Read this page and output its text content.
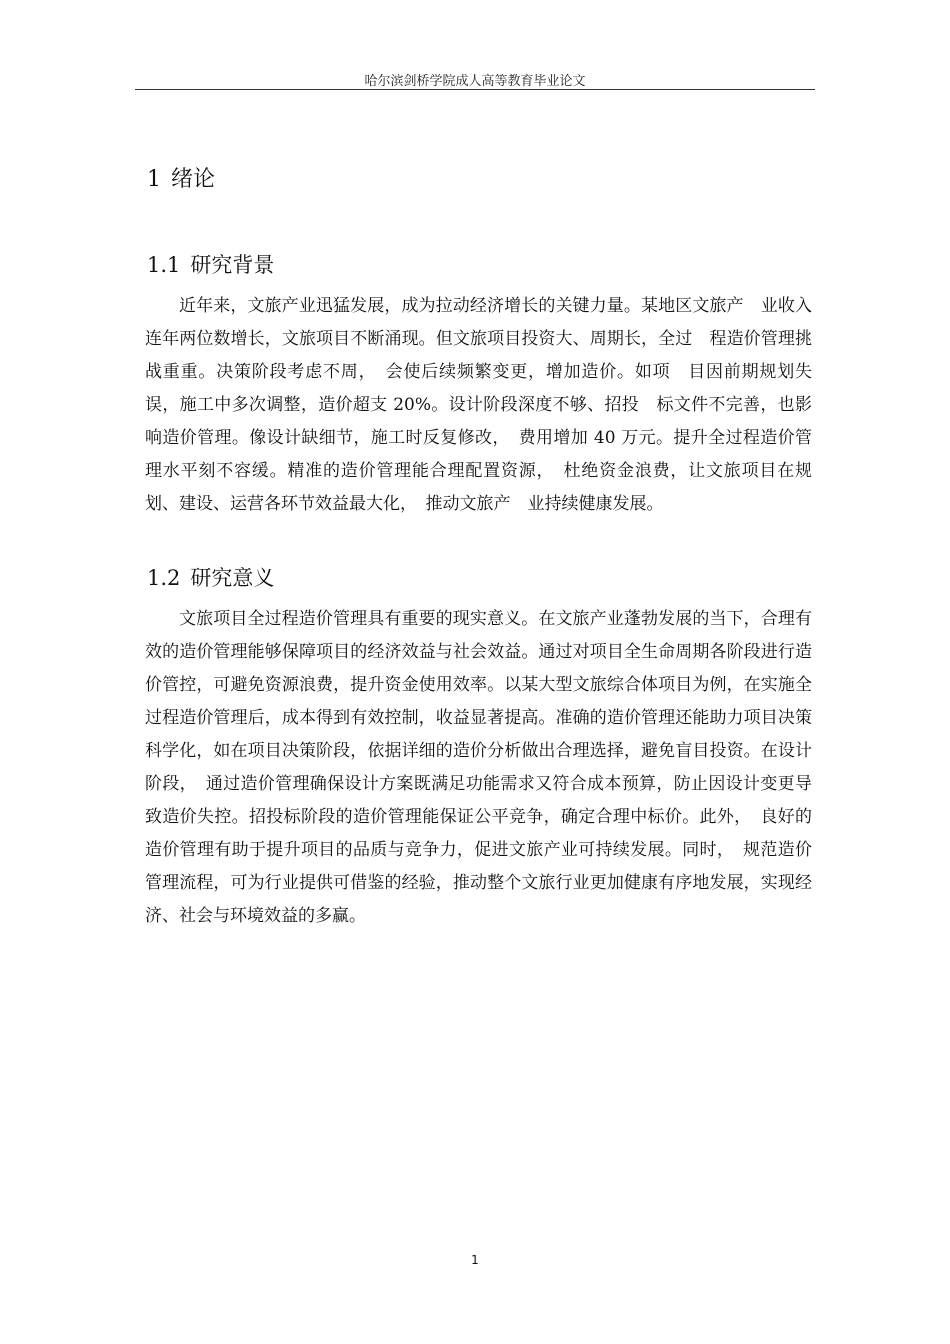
哈尔滨剑桥学院成人高等教育毕业论文
1 绪论
1.1 研究背景

近年来，文旅产业迅猛发展，成为拉动经济增长的关键力量。某地区文旅产　业收入连年两位数增长，文旅项目不断涌现。但文旅项目投资大、周期长，全过　程造价管理挑战重重。决策阶段考虑不周，　会使后续频繁变更，增加造价。如项　目因前期规划失误，施工中多次调整，造价超支 20%。设计阶段深度不够、招投　标文件不完善，也影响造价管理。像设计缺细节，施工时反复修改，　费用增加 40 万元。提升全过程造价管理水平刻不容缓。精准的造价管理能合理配置资源，　杜绝资金浪费，让文旅项目在规划、建设、运营各环节效益最大化，　推动文旅产　业持续健康发展。

1.2 研究意义

文旅项目全过程造价管理具有重要的现实意义。在文旅产业蓬勃发展的当下，合理有效的造价管理能够保障项目的经济效益与社会效益。通过对项目全生命周期各阶段进行造价管控，可避免资源浪费，提升资金使用效率。以某大型文旅综合体项目为例，在实施全过程造价管理后，成本得到有效控制，收益显著提高。准确的造价管理还能助力项目决策科学化，如在项目决策阶段，依据详细的造价分析做出合理选择，避免盲目投资。在设计阶段，　通过造价管理确保设计方案既满足功能需求又符合成本预算，防止因设计变更导致造价失控。招投标阶段的造价管理能保证公平竞争，确定合理中标价。此外，　良好的造价管理有助于提升项目的品质与竞争力，促进文旅产业可持续发展。同时，　规范造价管理流程，可为行业提供可借鉴的经验，推动整个文旅行业更加健康有序地发展，实现经济、社会与环境效益的多赢。

1
